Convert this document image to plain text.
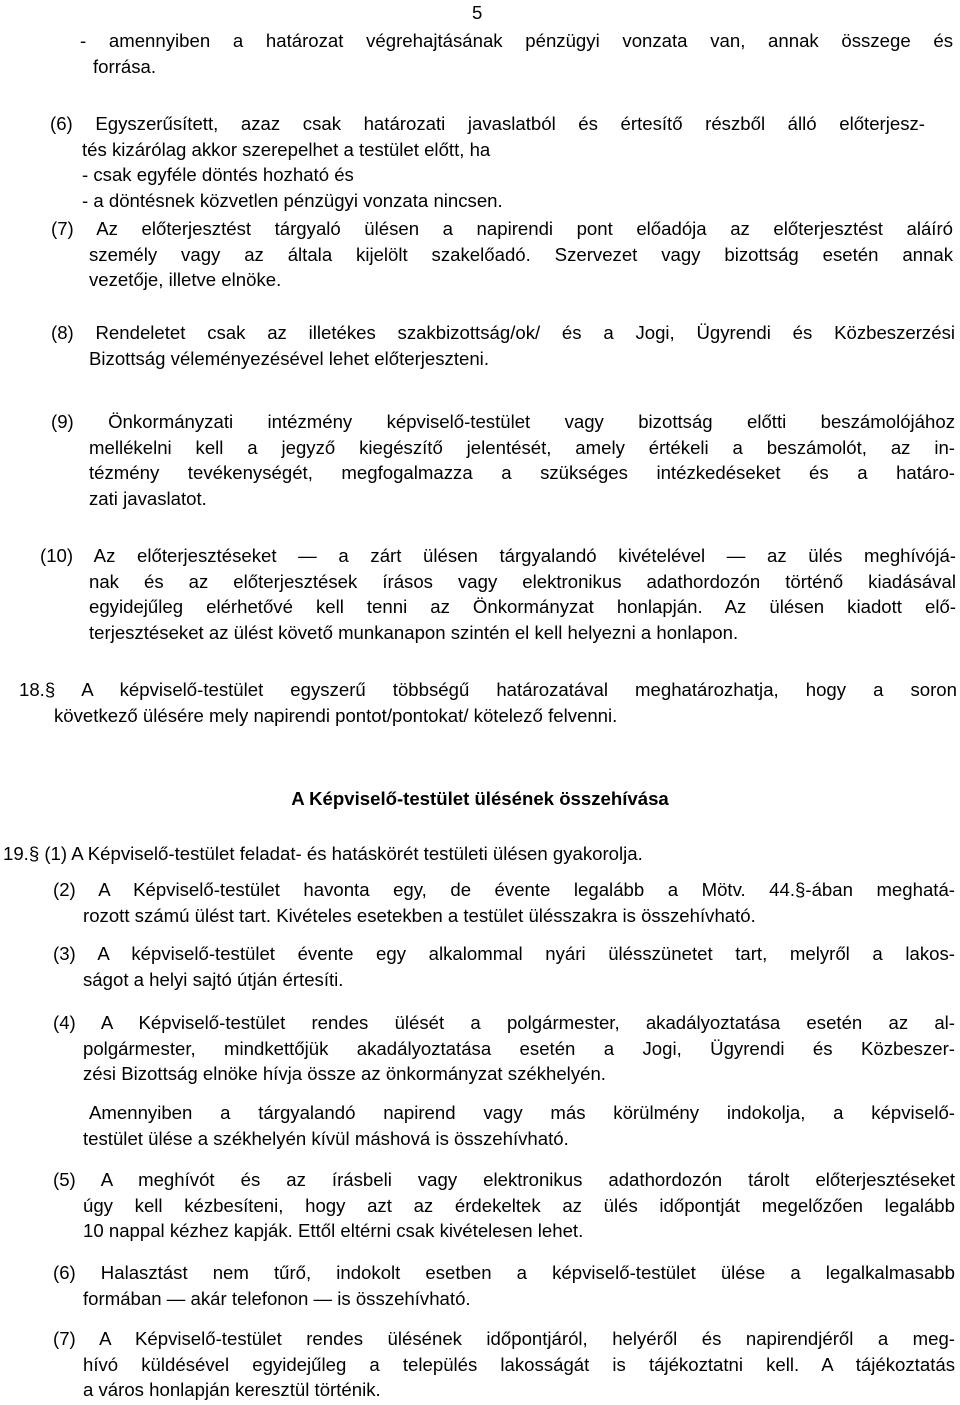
5
- amennyiben a határozat végrehajtásának pénzügyi vonzata van, annak összege és
forrása.
(6) Egyszerűsített, azaz csak határozati javaslatból és értesítő részből álló előterjesz-
tés kizárólag akkor szerepelhet a testület előtt, ha
- csak egyféle döntés hozható és
- a döntésnek közvetlen pénzügyi vonzata nincsen.
(7) Az előterjesztést tárgyaló ülésen a napirendi pont előadója az előterjesztést aláíró
személy vagy az általa kijelölt szakelőadó. Szervezet vagy bizottság esetén annak
vezetője, illetve elnöke.
(8) Rendeletet csak az illetékes szakbizottság/ok/ és a Jogi, Ügyrendi és Közbeszerzési
Bizottság véleményezésével lehet előterjeszteni.
(9) Önkormányzati intézmény képviselő-testület vagy bizottság előtti beszámolójához
mellékelni kell a jegyző kiegészítő jelentését, amely értékeli a beszámolót, az in-
tézmény tevékenységét, megfogalmazza a szükséges intézkedéseket és a határo-
zati javaslatot.
(10) Az előterjesztéseket — a zárt ülésen tárgyalandó kivételével — az ülés meghívójá-
nak és az előterjesztések írásos vagy elektronikus adathordozón történő kiadásával
egyidejűleg elérhetővé kell tenni az Önkormányzat honlapján. Az ülésen kiadott elő-
terjesztéseket az ülést követő munkanapon szintén el kell helyezni a honlapon.
18.§ A képviselő-testület egyszerű többségű határozatával meghatározhatja, hogy a soron
következő ülésére mely napirendi pontot/pontokat/ kötelező felvenni.
A Képviselő-testület ülésének összehívása
19.§ (1) A Képviselő-testület feladat- és hatáskörét testületi ülésen gyakorolja.
(2) A Képviselő-testület havonta egy, de évente legalább a Mötv. 44.§-ában meghatá-
rozott számú ülést tart. Kivételes esetekben a testület ülésszakra is összehívható.
(3) A képviselő-testület évente egy alkalommal nyári ülésszünetet tart, melyről a lakos-
ságot a helyi sajtó útján értesíti.
(4) A Képviselő-testület rendes ülését a polgármester, akadályoztatása esetén az al-
polgármester, mindkettőjük akadályoztatása esetén a Jogi, Ügyrendi és Közbeszer-
zési Bizottság elnöke hívja össze az önkormányzat székhelyén.
Amennyiben a tárgyalandó napirend vagy más körülmény indokolja, a képviselő-
testület ülése a székhelyén kívül máshová is összehívható.
(5) A meghívót és az írásbeli vagy elektronikus adathordozón tárolt előterjesztéseket
úgy kell kézbesíteni, hogy azt az érdekeltek az ülés időpontját megelőzően legalább
10 nappal kézhez kapják. Ettől eltérni csak kivételesen lehet.
(6) Halasztást nem tűrő, indokolt esetben a képviselő-testület ülése a legalkalmasabb
formában — akár telefonon — is összehívható.
(7) A Képviselő-testület rendes ülésének időpontjáról, helyéről és napirendjéről a meg-
hívó küldésével egyidejűleg a település lakosságát is tájékoztatni kell. A tájékoztatás
a város honlapján keresztül történik.
